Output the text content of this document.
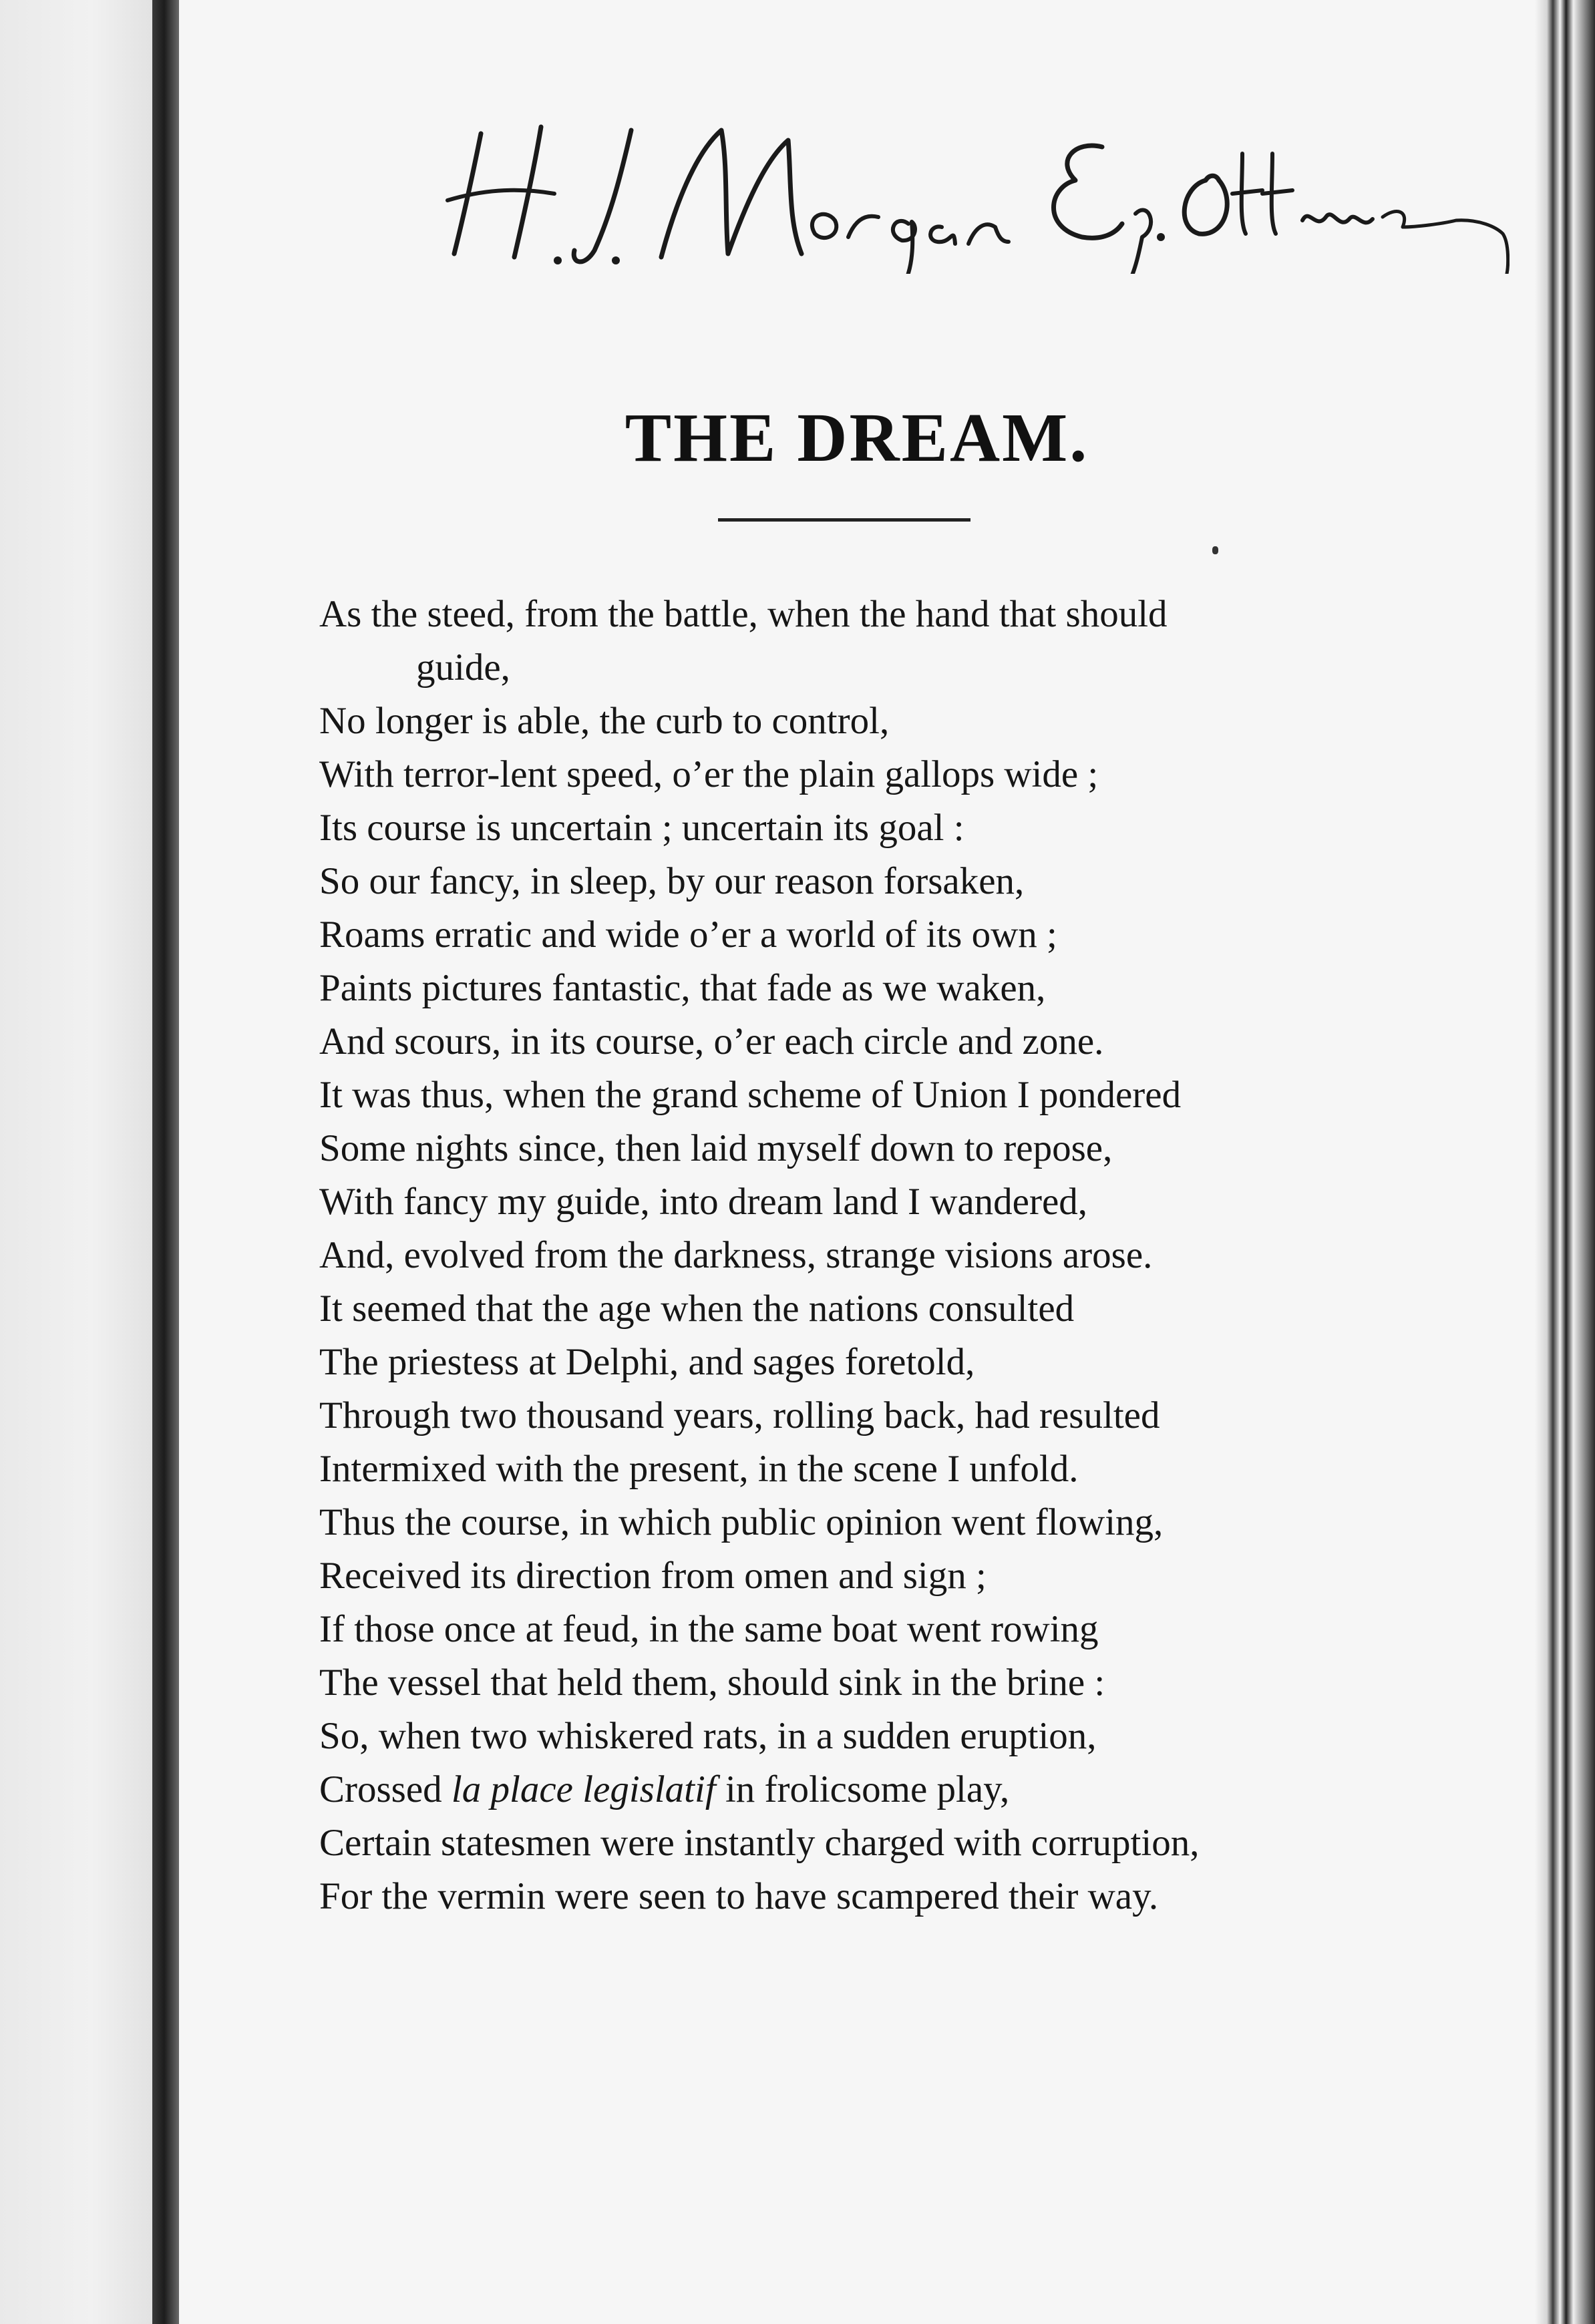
THE DREAM.
As the steed, from the battle, when the hand that should
guide,
No longer is able, the curb to control,
With terror-lent speed, o’er the plain gallops wide ;
Its course is uncertain ; uncertain its goal :
So our fancy, in sleep, by our reason forsaken,
Roams erratic and wide o’er a world of its own ;
Paints pictures fantastic, that fade as we waken,
And scours, in its course, o’er each circle and zone.
It was thus, when the grand scheme of Union I pondered
Some nights since, then laid myself down to repose,
With fancy my guide, into dream land I wandered,
And, evolved from the darkness, strange visions arose.
It seemed that the age when the nations consulted
The priestess at Delphi, and sages foretold,
Through two thousand years, rolling back, had resulted
Intermixed with the present, in the scene I unfold.
Thus the course, in which public opinion went flowing,
Received its direction from omen and sign ;
If those once at feud, in the same boat went rowing
The vessel that held them, should sink in the brine :
So, when two whiskered rats, in a sudden eruption,
Crossed la place legislatif in frolicsome play,
Certain statesmen were instantly charged with corruption,
For the vermin were seen to have scampered their way.
